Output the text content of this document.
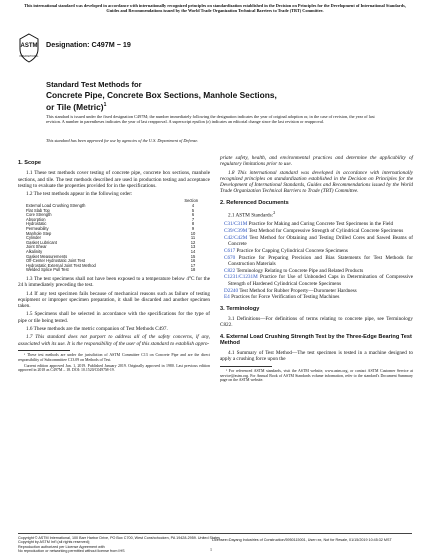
This international standard was developed in accordance with internationally recognized principles on standardization established in the Decision on Principles for the Development of International Standards, Guides and Recommendations issued by the World Trade Organization Technical Barriers to Trade (TBT) Committee.
ASTM
INTERNATIONAL
Designation: C497M − 19
Standard Test Methods for
Concrete Pipe, Concrete Box Sections, Manhole Sections,
or Tile (Metric)$^1$
This standard is issued under the fixed designation C497M; the number immediately following the designation indicates the year of original adoption or, in the case of revision, the year of last revision. A number in parentheses indicates the year of last reapproval. A superscript epsilon (ε) indicates an editorial change since the last revision or reapproval.
This standard has been approved for use by agencies of the U.S. Department of Defense.
1. Scope

1.1 These test methods cover testing of concrete pipe, concrete box sections, manhole sections, and tile. The test methods described are used in production testing and acceptance testing to evaluate the properties provided for in the specifications.

1.2 The test methods appear in the following order:

Section
External Load Crushing Strength	4
Flat Slab Top	5
Core Strength	6
Absorption	7
Hydrostatic	8
Permeability	9
Manhole Step	10
Cylinder	11
Gasket Lubricant	12
Joint Shear	13
Alkalinity	14
Gasket Measurements	15
Off-Center Hydrostatic Joint Test	16
Hydrostatic External Joint Test Method	17
Welded Splice Pull Test	18

1.3 The test specimens shall not have been exposed to a temperature below 4°C for the 24 h immediately preceding the test.

1.4 If any test specimen fails because of mechanical reasons such as failure of testing equipment or improper specimen preparation, it shall be discarded and another specimen taken.

1.5 Specimens shall be selected in accordance with the specifications for the type of pipe or tile being tested.

1.6 These methods are the metric companion of Test Methods C497.

1.7 This standard does not purport to address all of the safety concerns, if any, associated with its use. It is the responsibility of the user of this standard to establish appro-

¹ These test methods are under the jurisdiction of ASTM Committee C13 on Concrete Pipe and are the direct responsibility of Subcommittee C13.09 on Methods of Test.
Current edition approved Jan. 1, 2019. Published January 2019. Originally approved in 1980. Last previous edition approved in 2018 as C497M – 18. DOI: 10.1520/C0497M-19.

priate safety, health, and environmental practices and determine the applicability of regulatory limitations prior to use.

1.8 This international standard was developed in accordance with internationally recognized principles on standardization established in the Decision on Principles for the Development of International Standards, Guides and Recommendations issued by the World Trade Organization Technical Barriers to Trade (TBT) Committee.

2. Referenced Documents

2.1 ASTM Standards:$^2$

C31/C31M Practice for Making and Curing Concrete Test Specimens in the Field
C39/C39M Test Method for Compressive Strength of Cylindrical Concrete Specimens
C42/C42M Test Method for Obtaining and Testing Drilled Cores and Sawed Beams of Concrete
C617 Practice for Capping Cylindrical Concrete Specimens
C670 Practice for Preparing Precision and Bias Statements for Test Methods for Construction Materials
C822 Terminology Relating to Concrete Pipe and Related Products
C1231/C1231M Practice for Use of Unbonded Caps in Determination of Compressive Strength of Hardened Cylindrical Concrete Specimens
D2240 Test Method for Rubber Property—Durometer Hardness
E4 Practices for Force Verification of Testing Machines
3. Terminology

3.1 Definitions—For definitions of terms relating to concrete pipe, see Terminology C822.

4. External Load Crushing Strength Test by the Three-Edge Bearing Test Method

4.1 Summary of Test Method—The test specimen is tested in a machine designed to apply a crushing force upon the

² For referenced ASTM standards, visit the ASTM website, www.astm.org, or contact ASTM Customer Service at service@astm.org. For Annual Book of ASTM Standards volume information, refer to the standard's Document Summary page on the ASTM website.
Copyright © ASTM International, 100 Barr Harbor Drive, PO Box C700, West Conshohocken, PA 19428-2959. United States
Copyright by ASTM Int'l (all rights reserved);
Reproduction authorized per License Agreement with
No reproduction or networking permitted without license from IHS
Licensee=Dayang Industries of Construction/5950115001, User=xx, Not for Resale, 01/15/2019 10:45:32 MST
1
